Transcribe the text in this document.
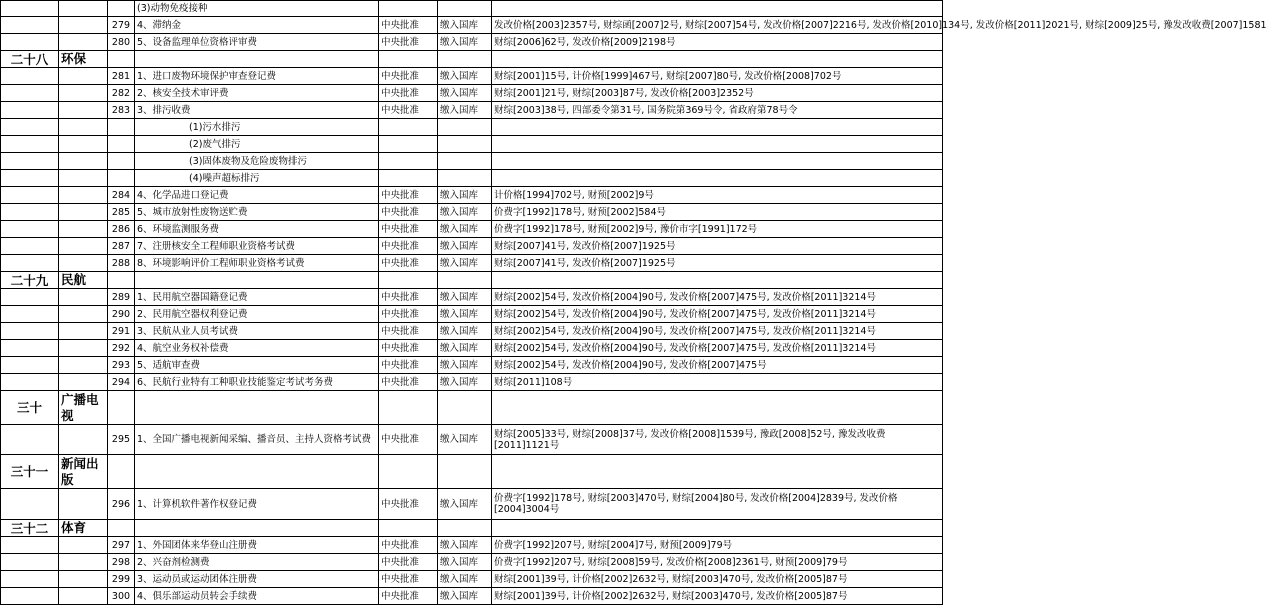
			(3)动物免疫接种			
		279	4、滞纳金	中央批准	缴入国库	发改价格[2003]2357号, 财综函[2007]2号, 财综[2007]54号, 发改价格[2007]2216号, 发改价格[2010]134号, 发改价格[2011]2021号, 财综[2009]25号, 豫发改收费[2007]1581
		280	5、设备监理单位资格评审费	中央批准	缴入国库	财综[2006]62号, 发改价格[2009]2198号
二十八	环保					
		281	1、进口废物环境保护审查登记费	中央批准	缴入国库	财综[2001]15号, 计价格[1999]467号, 财综[2007]80号, 发改价格[2008]702号
		282	2、核安全技术审评费	中央批准	缴入国库	财综[2001]21号, 财综[2003]87号, 发改价格[2003]2352号
		283	3、排污收费	中央批准	缴入国库	财综[2003]38号, 四部委令第31号, 国务院第369号令, 省政府第78号令
			(1)污水排污			
			(2)废气排污			
			(3)固体废物及危险废物排污			
			(4)噪声超标排污			
		284	4、化学品进口登记费	中央批准	缴入国库	计价格[1994]702号, 财预[2002]9号
		285	5、城市放射性废物送贮费	中央批准	缴入国库	价费字[1992]178号, 财预[2002]584号
		286	6、环境监测服务费	中央批准	缴入国库	价费字[1992]178号, 财预[2002]9号, 豫价市字[1991]172号
		287	7、注册核安全工程师职业资格考试费	中央批准	缴入国库	财综[2007]41号, 发改价格[2007]1925号
		288	8、环境影响评价工程师职业资格考试费	中央批准	缴入国库	财综[2007]41号, 发改价格[2007]1925号
二十九	民航					
		289	1、民用航空器国籍登记费	中央批准	缴入国库	财综[2002]54号, 发改价格[2004]90号, 发改价格[2007]475号, 发改价格[2011]3214号
		290	2、民用航空器权利登记费	中央批准	缴入国库	财综[2002]54号, 发改价格[2004]90号, 发改价格[2007]475号, 发改价格[2011]3214号
		291	3、民航从业人员考试费	中央批准	缴入国库	财综[2002]54号, 发改价格[2004]90号, 发改价格[2007]475号, 发改价格[2011]3214号
		292	4、航空业务权补偿费	中央批准	缴入国库	财综[2002]54号, 发改价格[2004]90号, 发改价格[2007]475号, 发改价格[2011]3214号
		293	5、适航审查费	中央批准	缴入国库	财综[2002]54号, 发改价格[2004]90号, 发改价格[2007]475号
		294	6、民航行业特有工种职业技能鉴定考试考务费	中央批准	缴入国库	财综[2011]108号
三十	广播电视					
		295	1、全国广播电视新闻采编、播音员、主持人资格考试费	中央批准	缴入国库	财综[2005]33号, 财综[2008]37号, 发改价格[2008]1539号, 豫政[2008]52号, 豫发改收费[2011]1121号
三十一	新闻出版					
		296	1、计算机软件著作权登记费	中央批准	缴入国库	价费字[1992]178号, 财综[2003]470号, 财综[2004]80号, 发改价格[2004]2839号, 发改价格[2004]3004号
三十二	体育					
		297	1、外国团体来华登山注册费	中央批准	缴入国库	价费字[1992]207号, 财综[2004]7号, 财预[2009]79号
		298	2、兴奋剂检测费	中央批准	缴入国库	价费字[1992]207号, 财综[2008]59号, 发改价格[2008]2361号, 财预[2009]79号
		299	3、运动员或运动团体注册费	中央批准	缴入国库	财综[2001]39号, 计价格[2002]2632号, 财综[2003]470号, 发改价格[2005]87号
		300	4、俱乐部运动员转会手续费	中央批准	缴入国库	财综[2001]39号, 计价格[2002]2632号, 财综[2003]470号, 发改价格[2005]87号
